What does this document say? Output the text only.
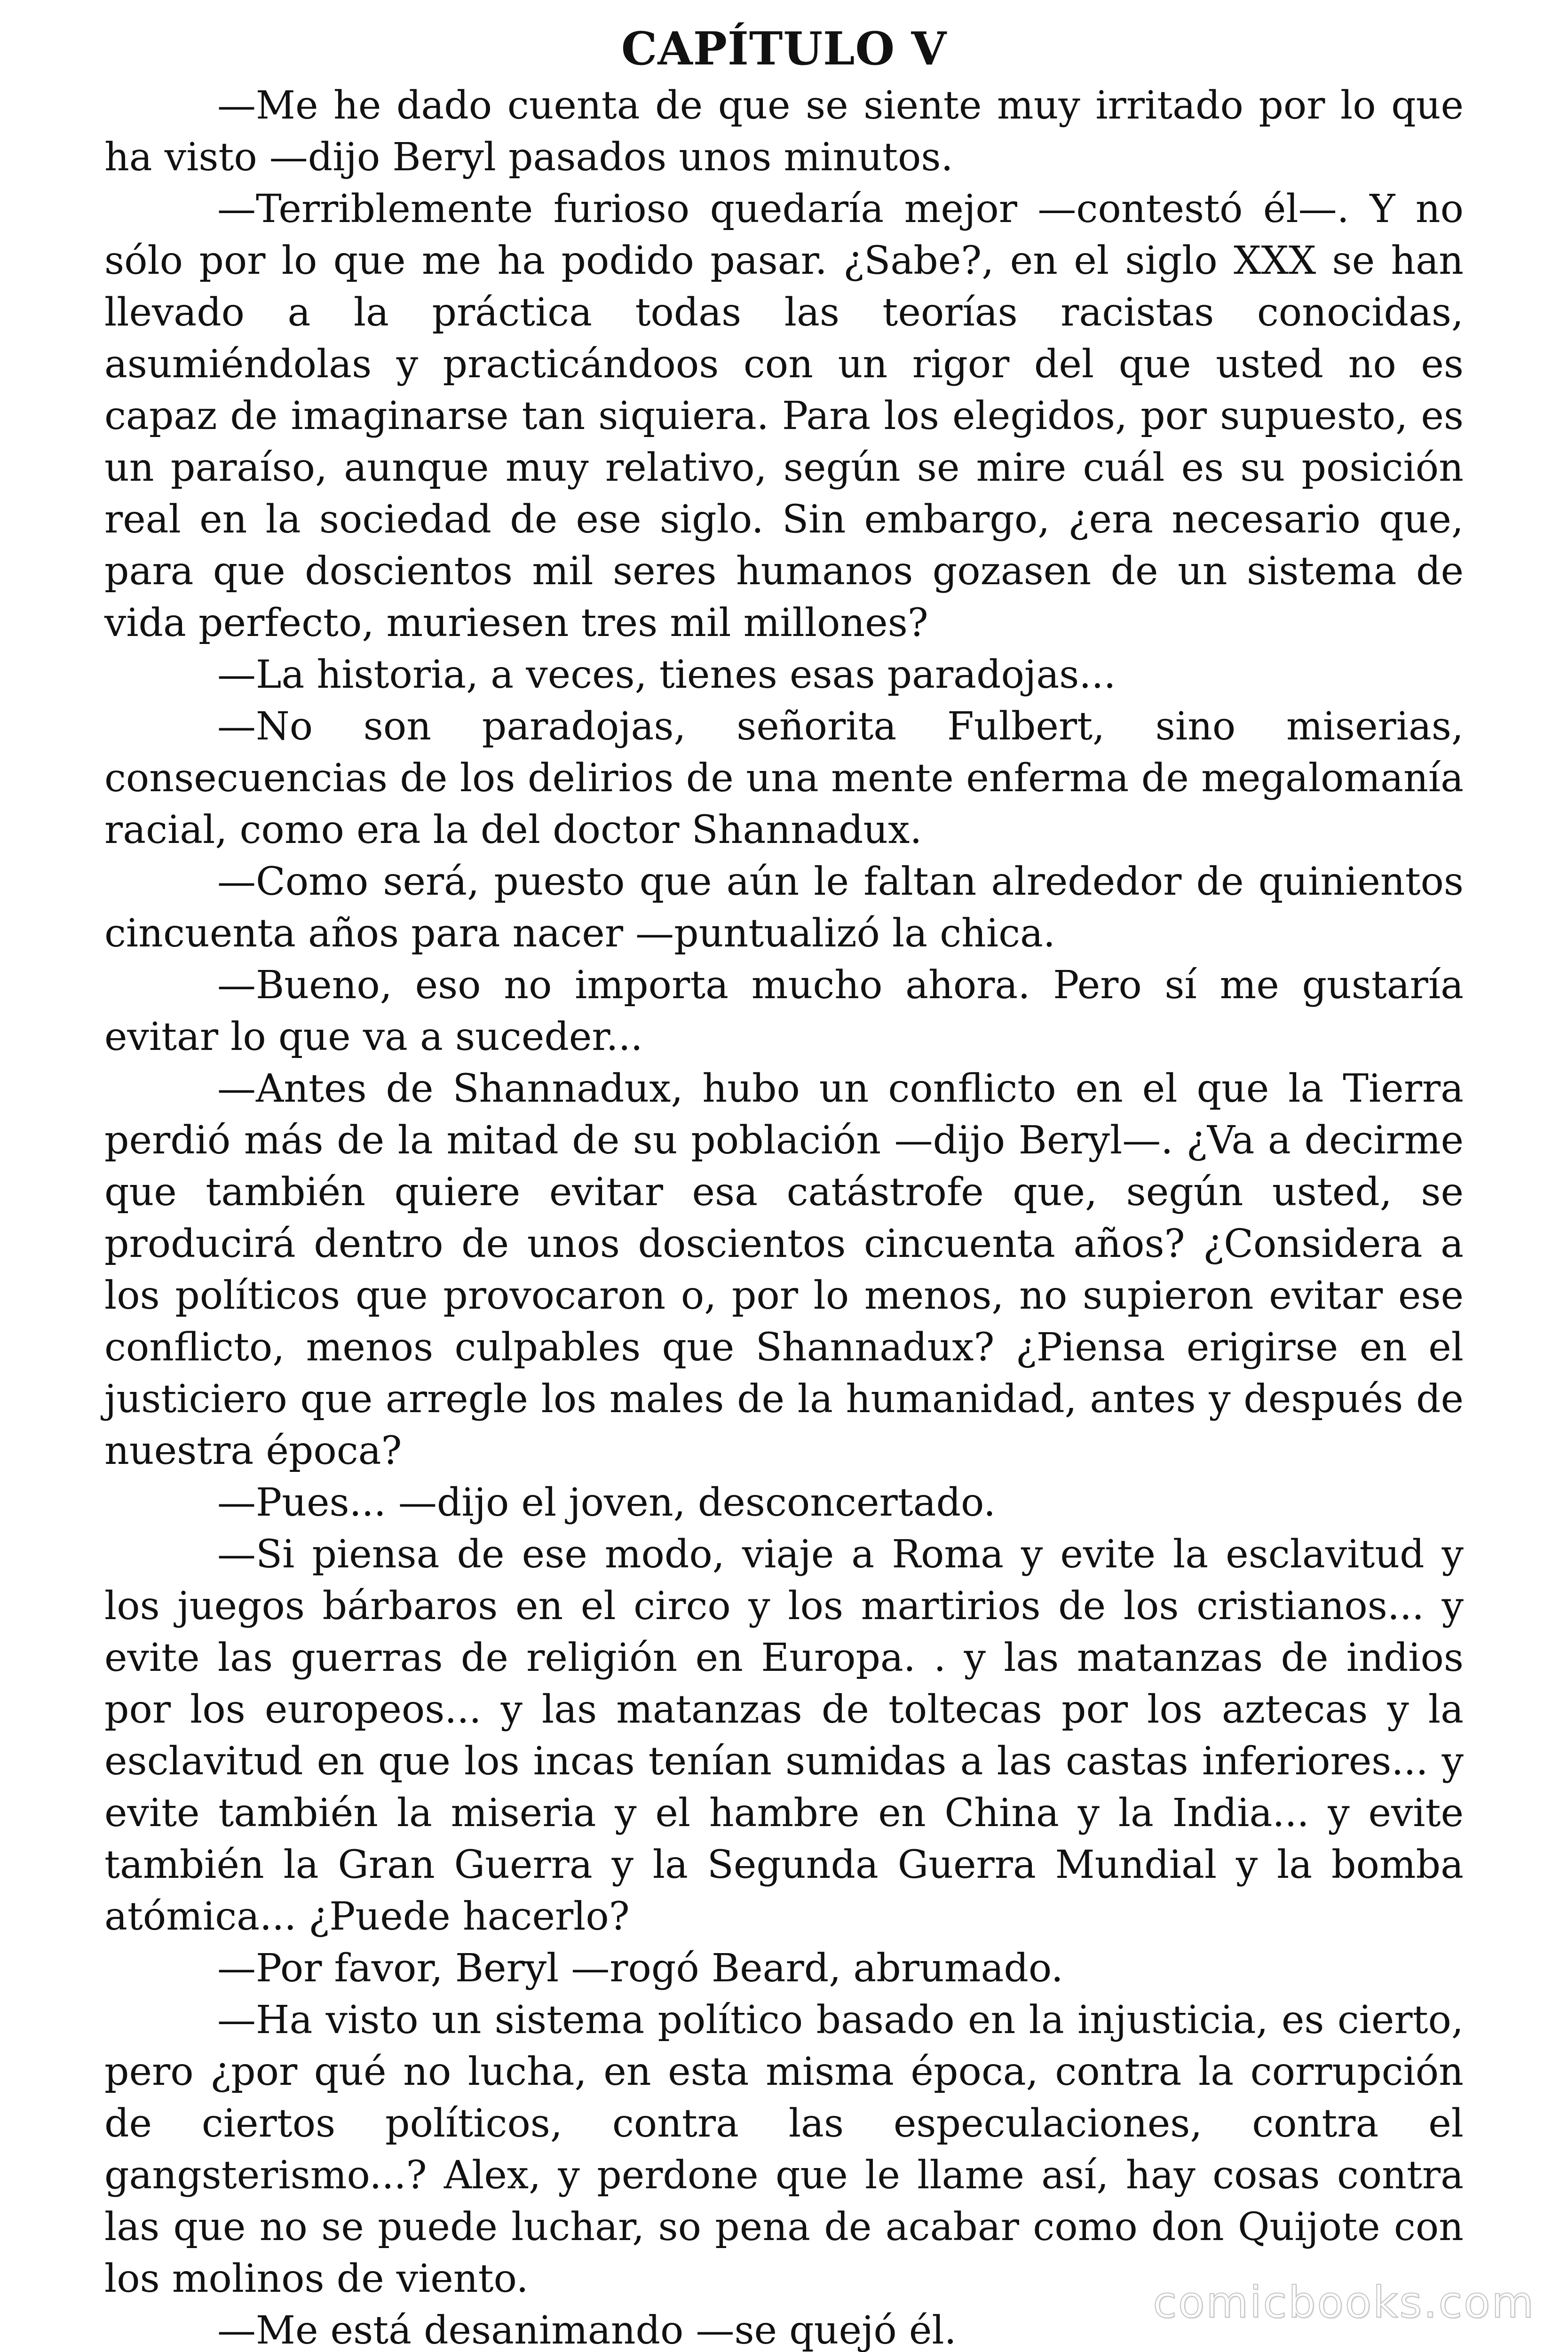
CAPÍTULO V

—Me he dado cuenta de que se siente muy irritado por lo que ha visto —dijo Beryl pasados unos minutos.

—Terriblemente furioso quedaría mejor —contestó él—. Y no sólo por lo que me ha podido pasar. ¿Sabe?, en el siglo XXX se han llevado a la práctica todas las teorías racistas conocidas, asumiéndolas y practicándoos con un rigor del que usted no es capaz de imaginarse tan siquiera. Para los elegidos, por supuesto, es un paraíso, aunque muy relativo, según se mire cuál es su posición real en la sociedad de ese siglo. Sin embargo, ¿era necesario que, para que doscientos mil seres humanos gozasen de un sistema de vida perfecto, muriesen tres mil millones?

—La historia, a veces, tienes esas paradojas...

—No son paradojas, señorita Fulbert, sino miserias, consecuencias de los delirios de una mente enferma de megalomanía racial, como era la del doctor Shannadux.

—Como será, puesto que aún le faltan alrededor de quinientos cincuenta años para nacer —puntualizó la chica.

—Bueno, eso no importa mucho ahora. Pero sí me gustaría evitar lo que va a suceder...

—Antes de Shannadux, hubo un conflicto en el que la Tierra perdió más de la mitad de su población —dijo Beryl—. ¿Va a decirme que también quiere evitar esa catástrofe que, según usted, se producirá dentro de unos doscientos cincuenta años? ¿Considera a los políticos que provocaron o, por lo menos, no supieron evitar ese conflicto, menos culpables que Shannadux? ¿Piensa erigirse en el justiciero que arregle los males de la humanidad, antes y después de nuestra época?

—Pues... —dijo el joven, desconcertado.

—Si piensa de ese modo, viaje a Roma y evite la esclavitud y los juegos bárbaros en el circo y los martirios de los cristianos... y evite las guerras de religión en Europa. . y las matanzas de indios por los europeos... y las matanzas de toltecas por los aztecas y la esclavitud en que los incas tenían sumidas a las castas inferiores... y evite también la miseria y el hambre en China y la India... y evite también la Gran Guerra y la Segunda Guerra Mundial y la bomba atómica... ¿Puede hacerlo?

—Por favor, Beryl —rogó Beard, abrumado.

—Ha visto un sistema político basado en la injusticia, es cierto, pero ¿por qué no lucha, en esta misma época, contra la corrupción de ciertos políticos, contra las especulaciones, contra el gangsterismo...? Alex, y perdone que le llame así, hay cosas contra las que no se puede luchar, so pena de acabar como don Quijote con los molinos de viento.

—Me está desanimando —se quejó él.

comicbooks.com
